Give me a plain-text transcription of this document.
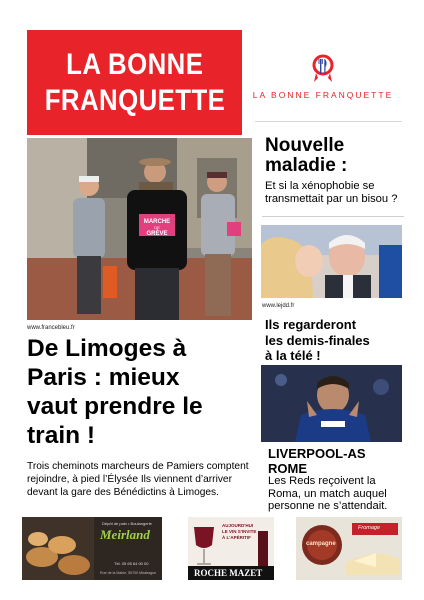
LA BONNE
FRANQUETTE	LA BONNE FRANQUETTE
MARCHE
DE
GRÈVE
www.francebleu.fr
De Limoges à
Paris : mieux
vaut prendre le
train !
Trois cheminots marcheurs de Pamiers comptent rejoindre, à pied l’Élysée Ils viennent d’arriver devant la gare des Bénédictins à Limoges.
Nouvelle
maladie :
Et si la xénophobie se transmettait par un bisou ?
www.lejdd.fr
Ils regarderont
les demis-finales
à la télé !
LIVERPOOL-AS
ROME
Les Reds reçoivent la Roma, un match auquel personne ne s’attendait.
Dépôt de pain • Boulangerie
Meirland
Tél. 05 65 64 00 00
Rue de la Mairie, 55700 Mirabague
AUJOURD'HUI
LE VIN S'INVITE
À L'APÉRITIF
ROCHE MAZET
campagne
Fromage
